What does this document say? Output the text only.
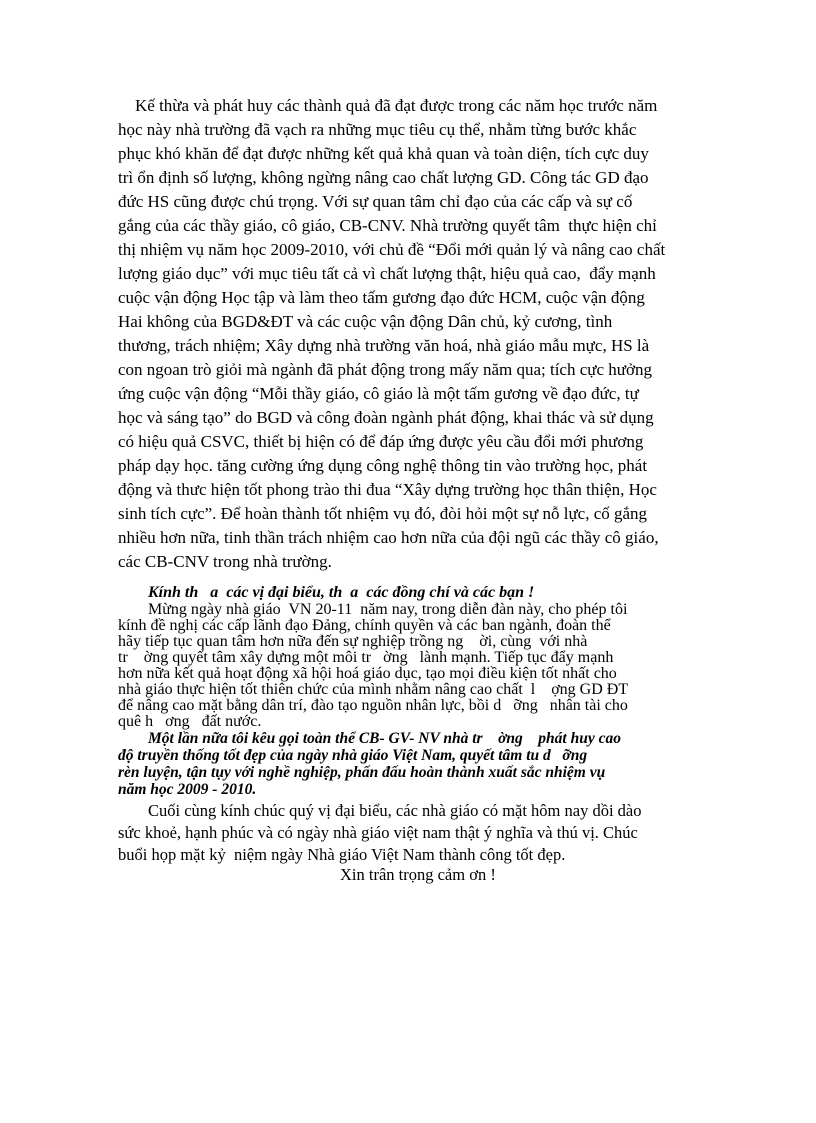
Kế thừa và phát huy các thành quả đã đạt được trong các năm học trước năm

học này nhà trường đã vạch ra những mục tiêu cụ thể, nhằm từng bước khắc

phục khó khăn để đạt được những kết quả khả quan và toàn diện, tích cực duy

trì ổn định số lượng, không ngừng nâng cao chất lượng GD. Công tác GD đạo

đức HS cũng được chú trọng. Với sự quan tâm chỉ đạo của các cấp và sự cố

gắng của các thầy giáo, cô giáo, CB-CNV. Nhà trường quyết tâm  thực hiện chỉ

thị nhiệm vụ năm học 2009-2010, với chủ đề “Đổi mới quản lý và nâng cao chất

lượng giáo dục” với mục tiêu tất cả vì chất lượng thật, hiệu quả cao,  đẩy mạnh

cuộc vận động Học tập và làm theo tấm gương đạo đức HCM, cuộc vận động

Hai không của BGD&ĐT và các cuộc vận động Dân chủ, kỷ cương, tình

thương, trách nhiệm; Xây dựng nhà trường văn hoá, nhà giáo mẫu mực, HS là

con ngoan trò giỏi mà ngành đã phát động trong mấy năm qua; tích cực hưởng

ứng cuộc vận động “Mỗi thầy giáo, cô giáo là một tấm gương về đạo đức, tự

học và sáng tạo” do BGD và công đoàn ngành phát động, khai thác và sử dụng

có hiệu quả CSVC, thiết bị hiện có để đáp ứng được yêu cầu đổi mới phương

pháp dạy học. tăng cường ứng dụng công nghệ thông tin vào trường học, phát

động và thưc hiện tốt phong trào thi đua “Xây dựng trường học thân thiện, Học

sinh tích cực”. Để hoàn thành tốt nhiệm vụ đó, đòi hỏi một sự nỗ lực, cố gắng

nhiều hơn nữa, tinh thần trách nhiệm cao hơn nữa của đội ngũ các thầy cô giáo,

các CB-CNV trong nhà trường.

Kính th   a  các vị đại biểu, th  a  các đồng chí và các bạn !

Mừng ngày nhà giáo  VN 20-11  năm nay, trong diễn đàn này, cho phép tôi

kính đề nghị các cấp lãnh đạo Đảng, chính quyền và các ban ngành, đoàn thể

hãy tiếp tục quan tâm hơn nữa đến sự nghiệp trồng ng    ời, cùng  với nhà

tr    ờng quyết tâm xây dựng một môi tr   ờng   lành mạnh. Tiếp tục đẩy mạnh

hơn nữa kết quả hoạt động xã hội hoá giáo dục, tạo mọi điều kiện tốt nhất cho

nhà giáo thực hiện tốt thiên chức của mình nhằm nâng cao chất  l    ợng GD ĐT

để nâng cao mặt bằng dân trí, đào tạo nguồn nhân lực, bồi d   ỡng   nhân tài cho

quê h   ơng   đất nước.

Một lần nữa tôi kêu gọi toàn thể CB- GV- NV nhà tr    ờng    phát huy cao

độ truyền thống tốt đẹp của ngày nhà giáo Việt Nam, quyết tâm tu d   ỡng

rèn luyện, tận tụy với nghề nghiệp, phấn đấu hoàn thành xuất sắc nhiệm vụ

năm học 2009 - 2010.

Cuối cùng kính chúc quý vị đại biểu, các nhà giáo có mặt hôm nay dồi dào

sức khoẻ, hạnh phúc và có ngày nhà giáo việt nam thật ý nghĩa và thú vị. Chúc

buổi họp mặt kỷ  niệm ngày Nhà giáo Việt Nam thành công tốt đẹp.

Xin trân trọng cảm ơn !
